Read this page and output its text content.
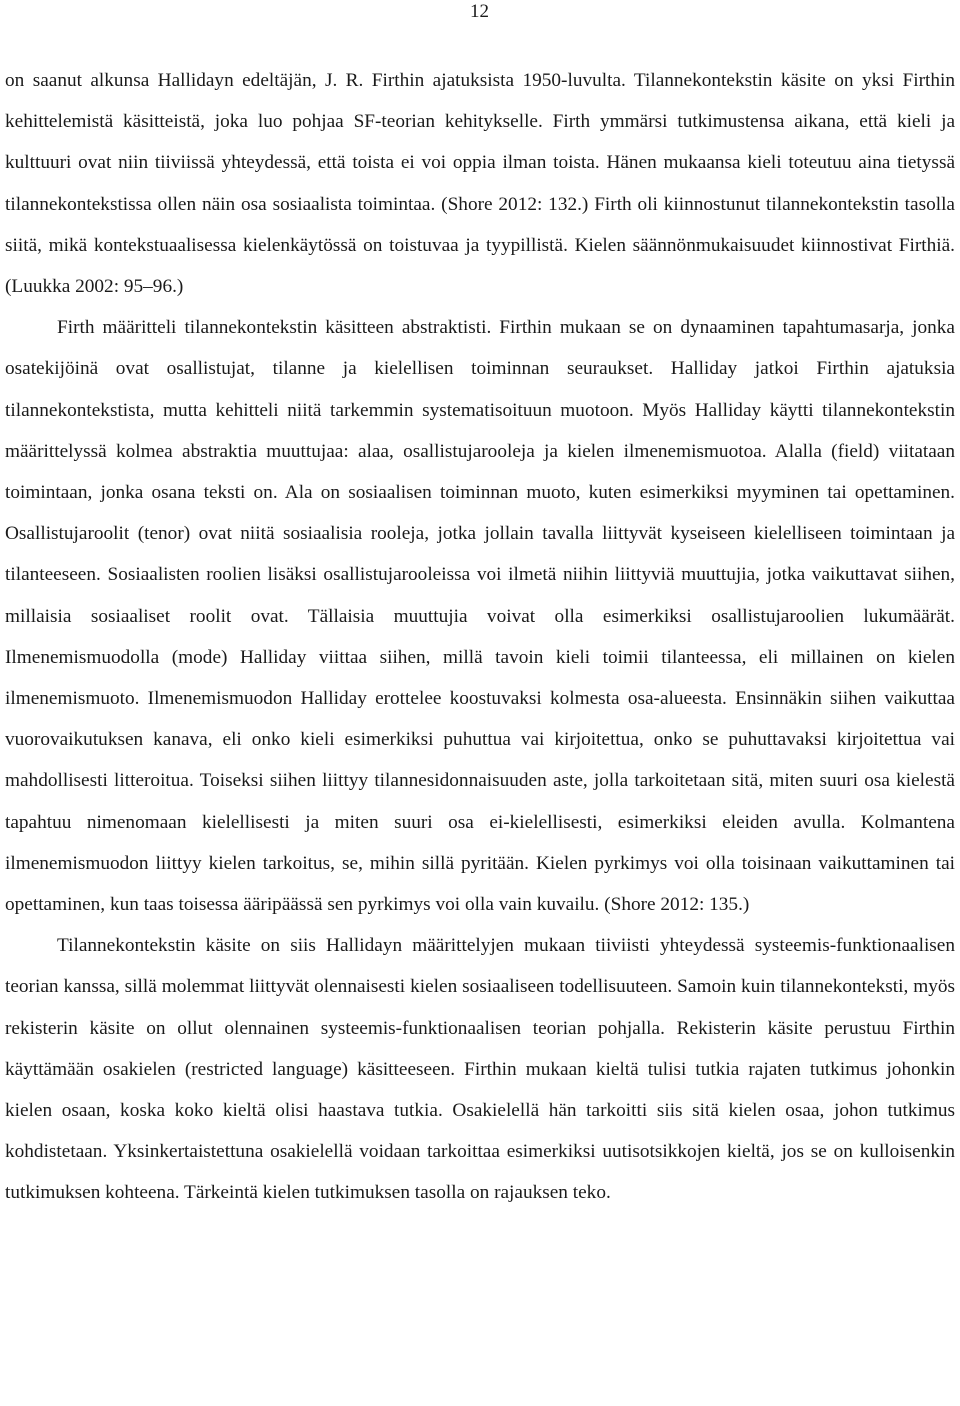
12

on saanut alkunsa Hallidayn edeltäjän, J. R. Firthin ajatuksista 1950-luvulta. Tilannekontekstin käsite on yksi Firthin kehittelemistä käsitteistä, joka luo pohjaa SF-teorian kehitykselle. Firth ymmärsi tutkimustensa aikana, että kieli ja kulttuuri ovat niin tiiviissä yhteydessä, että toista ei voi oppia ilman toista. Hänen mukaansa kieli toteutuu aina tietyssä tilannekontekstissa ollen näin osa sosiaalista toimintaa. (Shore 2012: 132.) Firth oli kiinnostunut tilannekontekstin tasolla siitä, mikä kontekstuaalisessa kielenkäytössä on toistuvaa ja tyypillistä. Kielen säännönmukaisuudet kiinnostivat Firthiä. (Luukka 2002: 95–96.)

Firth määritteli tilannekontekstin käsitteen abstraktisti. Firthin mukaan se on dynaaminen tapahtumasarja, jonka osatekijöinä ovat osallistujat, tilanne ja kielellisen toiminnan seuraukset. Halliday jatkoi Firthin ajatuksia tilannekontekstista, mutta kehitteli niitä tarkemmin systematisoituun muotoon. Myös Halliday käytti tilannekontekstin määrittelyssä kolmea abstraktia muuttujaa: alaa, osallistujarooleja ja kielen ilmenemismuotoa. Alalla (field) viitataan toimintaan, jonka osana teksti on. Ala on sosiaalisen toiminnan muoto, kuten esimerkiksi myyminen tai opettaminen. Osallistujaroolit (tenor) ovat niitä sosiaalisia rooleja, jotka jollain tavalla liittyvät kyseiseen kielelliseen toimintaan ja tilanteeseen. Sosiaalisten roolien lisäksi osallistujarooleissa voi ilmetä niihin liittyviä muuttujia, jotka vaikuttavat siihen, millaisia sosiaaliset roolit ovat. Tällaisia muuttujia voivat olla esimerkiksi osallistujaroolien lukumäärät. Ilmenemismuodolla (mode) Halliday viittaa siihen, millä tavoin kieli toimii tilanteessa, eli millainen on kielen ilmenemismuoto. Ilmenemismuodon Halliday erottelee koostuvaksi kolmesta osa-alueesta. Ensinnäkin siihen vaikuttaa vuorovaikutuksen kanava, eli onko kieli esimerkiksi puhuttua vai kirjoitettua, onko se puhuttavaksi kirjoitettua vai mahdollisesti litteroitua. Toiseksi siihen liittyy tilannesidonnaisuuden aste, jolla tarkoitetaan sitä, miten suuri osa kielestä tapahtuu nimenomaan kielellisesti ja miten suuri osa ei-kielellisesti, esimerkiksi eleiden avulla. Kolmantena ilmenemismuodon liittyy kielen tarkoitus, se, mihin sillä pyritään. Kielen pyrkimys voi olla toisinaan vaikuttaminen tai opettaminen, kun taas toisessa ääripäässä sen pyrkimys voi olla vain kuvailu. (Shore 2012: 135.)

Tilannekontekstin käsite on siis Hallidayn määrittelyjen mukaan tiiviisti yhteydessä systeemis-funktionaalisen teorian kanssa, sillä molemmat liittyvät olennaisesti kielen sosiaaliseen todellisuuteen. Samoin kuin tilannekonteksti, myös rekisterin käsite on ollut olennainen systeemis-funktionaalisen teorian pohjalla. Rekisterin käsite perustuu Firthin käyttämään osakielen (restricted language) käsitteeseen. Firthin mukaan kieltä tulisi tutkia rajaten tutkimus johonkin kielen osaan, koska koko kieltä olisi haastava tutkia. Osakielellä hän tarkoitti siis sitä kielen osaa, johon tutkimus kohdistetaan. Yksinkertaistettuna osakielellä voidaan tarkoittaa esimerkiksi uutisotsikkojen kieltä, jos se on kulloisenkin tutkimuksen kohteena. Tärkeintä kielen tutkimuksen tasolla on rajauksen teko.
